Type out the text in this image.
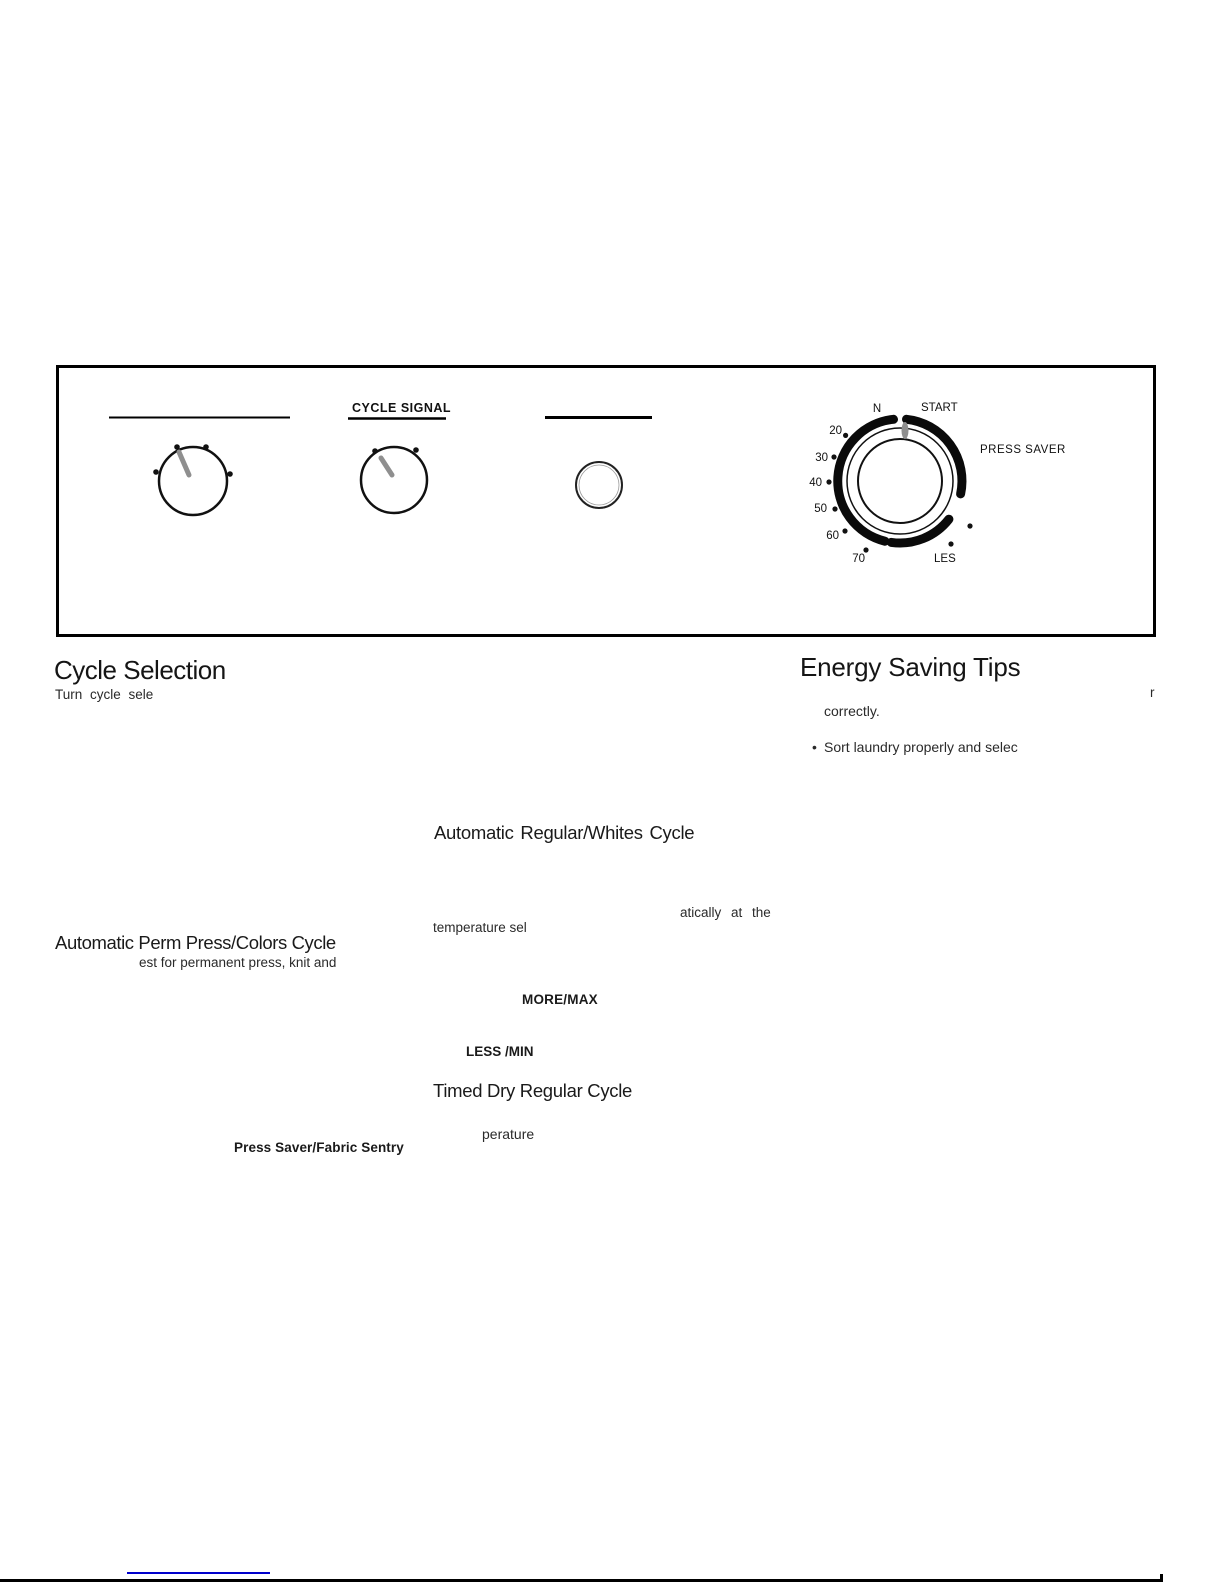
CYCLE SIGNAL
20
30
40
50
60
70
N	START
PRESS SAVER
LES
Cycle Selection
Turn cycle sele
Automatic Perm Press/Colors Cycle
est for permanent press, knit and
Press Saver/Fabric Sentry
Automatic Regular/Whites Cycle
atically at the
temperature sel
MORE/MAX
LESS /MIN
Timed Dry Regular Cycle
perature
Energy Saving Tips
r
correctly.
• Sort laundry properly and selec
